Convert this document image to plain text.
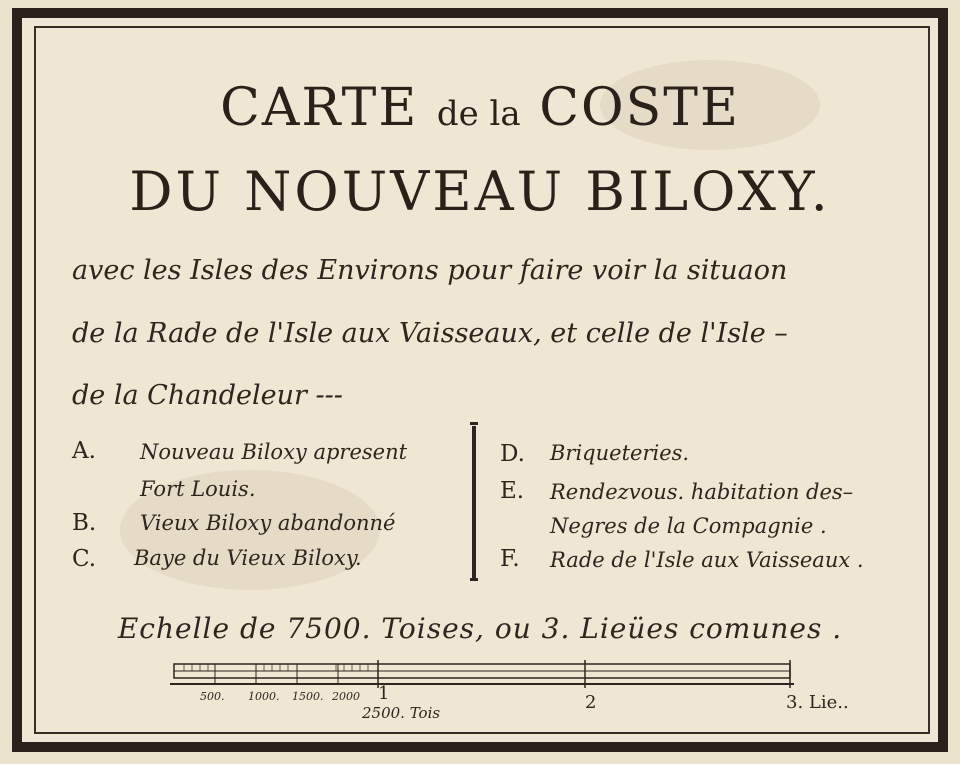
CARTE de la COSTE
DU NOUVEAU BILOXY.
avec les Isles des Environs pour faire voir la situaon
de la Rade de l'Isle aux Vaisseaux, et celle de l'Isle –
de la Chandeleur ---
A. Nouveau Biloxy apresent
Fort Louis.
B. Vieux Biloxy abandonné
C. Baye du Vieux Biloxy.
D. Briqueteries.
E. Rendezvous. habitation des–
Negres de la Compagnie .
F. Rade de l'Isle aux Vaisseaux .
Echelle de 7500. Toises, ou 3. Lieües comunes .
500. 1000. 1500. 2000 1	2	3. Lie..
2500. Tois
